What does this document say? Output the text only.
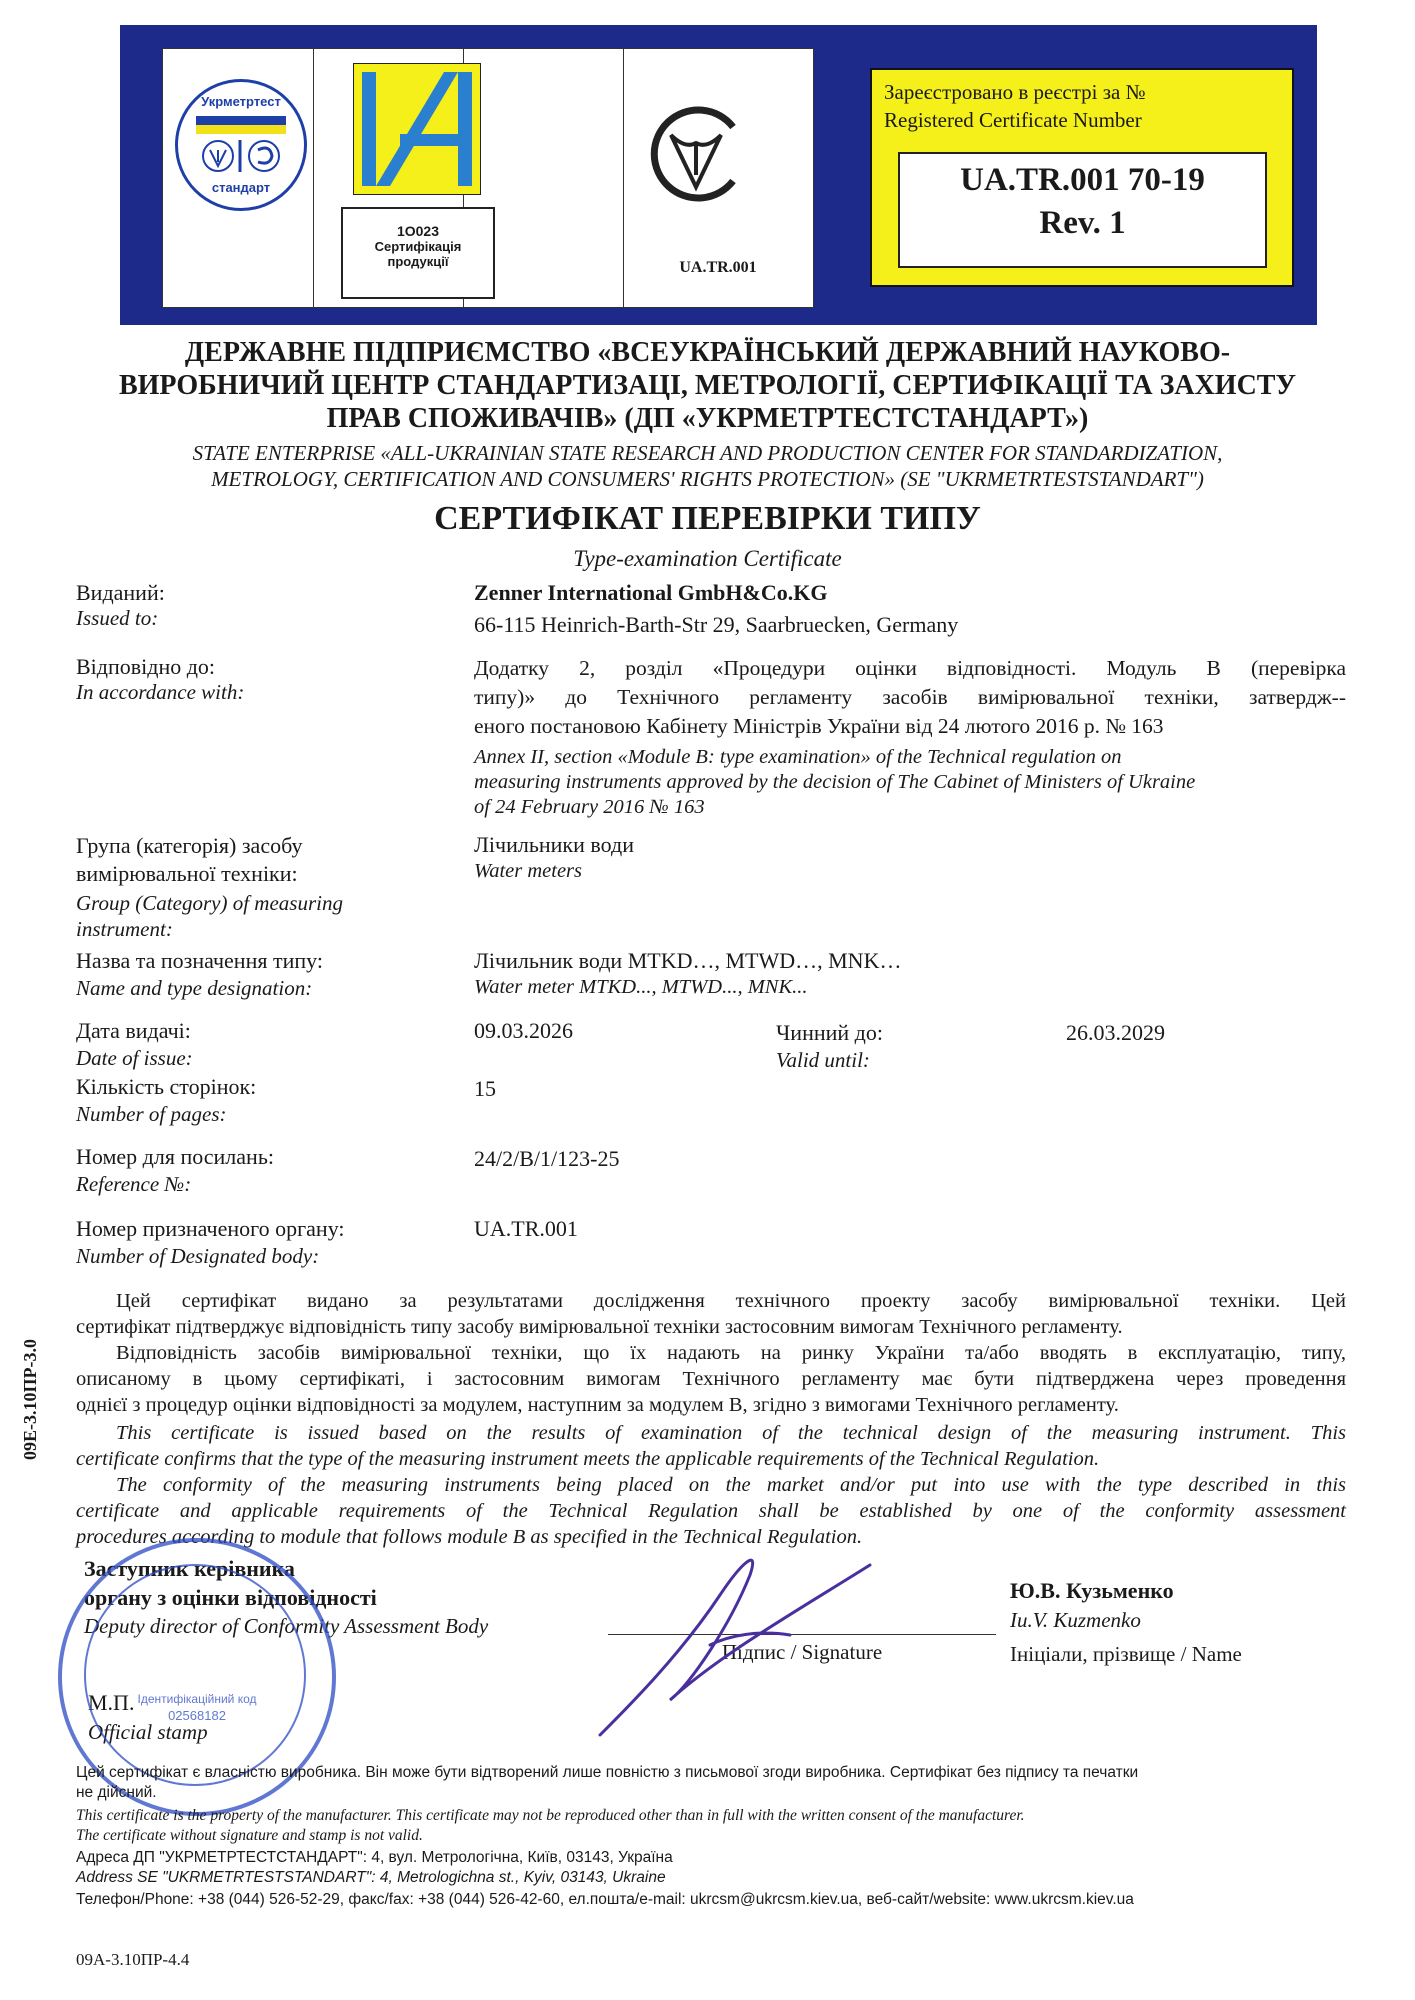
Укрметртест
стандарт
1O023
Сертифікація
продукції	UA.TR.001
Зареєстровано в реєстрі за №
Registered Certificate Number
UA.TR.001 70-19
Rev. 1
ДЕРЖАВНЕ ПІДПРИЄМСТВО «ВСЕУКРАЇНСЬКИЙ ДЕРЖАВНИЙ НАУКОВО-
ВИРОБНИЧИЙ ЦЕНТР СТАНДАРТИЗАЦІ, МЕТРОЛОГІЇ, СЕРТИФІКАЦІЇ ТА ЗАХИСТУ
ПРАВ СПОЖИВАЧІВ» (ДП «УКРМЕТРТЕСТСТАНДАРТ»)
STATE ENTERPRISE «ALL-UKRAINIAN STATE RESEARCH AND PRODUCTION CENTER FOR STANDARDIZATION,
METROLOGY, CERTIFICATION AND CONSUMERS' RIGHTS PROTECTION» (SE "UKRMETRTESTSTANDART")
СЕРТИФІКАТ ПЕРЕВІРКИ ТИПУ
Type-examination Certificate
Виданий:
Issued to:
Zenner International GmbH&Co.KG
66-115 Heinrich-Barth-Str 29, Saarbruecken, Germany
Відповідно до:
In accordance with:
Додатку 2, розділ «Процедури оцінки відповідності. Модуль В (перевірка
типу)» до Технічного регламенту засобів вимірювальної техніки, затвердж--
еного постановою Кабінету Міністрів України від 24 лютого 2016 р. № 163
Annex II, section «Module B: type examination» of the Technical regulation on
measuring instruments approved by the decision of The Cabinet of Ministers of Ukraine
of 24 February 2016 № 163
Група (категорія) засобу
вимірювальної техніки:
Group (Category) of measuring
instrument:
Лічильники води
Water meters
Назва та позначення типу:
Name and type designation:
Лічильник води MTKD…, MTWD…, MNK…
Water meter MTKD..., MTWD..., MNK...
Дата видачі:
Date of issue:
09.03.2026	Чинний до:
Valid until:
26.03.2029
Кількість сторінок:
Number of pages:
15
Номер для посилань:
Reference №:
24/2/B/1/123-25
Номер призначеного органу:
Number of Designated body:
UA.TR.001
Цей сертифікат видано за результатами дослідження технічного проекту засобу вимірювальної техніки. Цей
сертифікат підтверджує відповідність типу засобу вимірювальної техніки застосовним вимогам Технічного регламенту.
Відповідність засобів вимірювальної техніки, що їх надають на ринку України та/або вводять в експлуатацію, типу,
описаному в цьому сертифікаті, і застосовним вимогам Технічного регламенту має бути підтверджена через проведення
однієї з процедур оцінки відповідності за модулем, наступним за модулем В, згідно з вимогами Технічного регламенту.
This certificate is issued based on the results of examination of the technical design of the measuring instrument. This
certificate confirms that the type of the measuring instrument meets the applicable requirements of the Technical Regulation.
The conformity of the measuring instruments being placed on the market and/or put into use with the type described in this
certificate and applicable requirements of the Technical Regulation shall be established by one of the conformity assessment
procedures according to module that follows module B as specified in the Technical Regulation.
Заступник керівника
органу з оцінки відповідності
Deputy director of Conformity Assessment Body
Підпис / Signature
Ю.В. Кузьменко
Iu.V. Kuzmenko
Ініціали, прізвище / Name
М.П.
Official stamp
Ідентифікаційний код
02568182
Цей сертифікат є власністю виробника. Він може бути відтворений лише повністю з письмової згоди виробника. Сертифікат без підпису та печатки
не дійсний.
This certificate is the property of the manufacturer. This certificate may not be reproduced other than in full with the written consent of the manufacturer.
The certificate without signature and stamp is not valid.
Адреса ДП "УКРМЕТРТЕСТСТАНДАРТ": 4, вул. Метрологічна, Київ, 03143, Україна
Address SE "UKRMETRTESTSTANDART": 4, Metrologichna st., Kyiv, 03143, Ukraine
Телефон/Phone: +38 (044) 526-52-29, факс/fax: +38 (044) 526-42-60, ел.пошта/e-mail: ukrcsm@ukrcsm.kiev.ua, веб-сайт/website: www.ukrcsm.kiev.ua
09A-3.10ПР-4.4
09Е-3.10ПР-3.0
